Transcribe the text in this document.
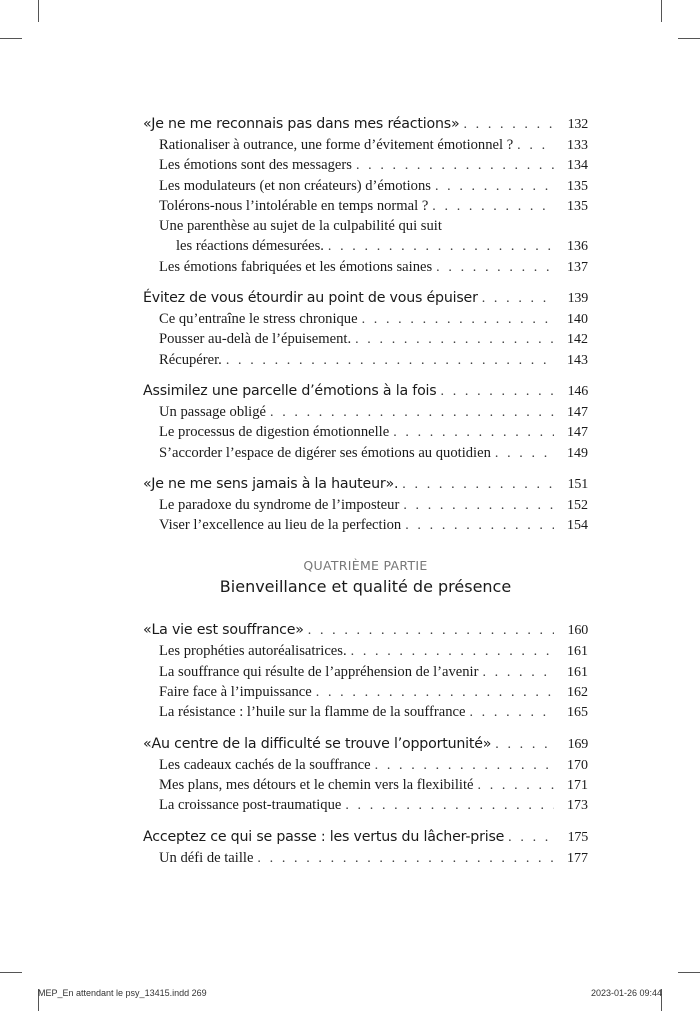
«Je ne me reconnais pas dans mes réactions» . . .	132
Rationaliser à outrance, une forme d’évitement émotionnel ? . . .	133
Les émotions sont des messagers . . .	134
Les modulateurs (et non créateurs) d’émotions . . .	135
Tolérons-nous l’intolérable en temps normal ? . . .	135
Une parenthèse au sujet de la culpabilité qui suit
les réactions démesurées. . . .	136
Les émotions fabriquées et les émotions saines . . .	137
Évitez de vous étourdir au point de vous épuiser . . .	139
Ce qu’entraîne le stress chronique . . .	140
Pousser au-delà de l’épuisement. . . .	142
Récupérer. . . .	143
Assimilez une parcelle d’émotions à la fois . . .	146
Un passage obligé . . .	147
Le processus de digestion émotionnelle . . .	147
S’accorder l’espace de digérer ses émotions au quotidien . . .	149
«Je ne me sens jamais à la hauteur». . . .	151
Le paradoxe du syndrome de l’imposteur . . .	152
Viser l’excellence au lieu de la perfection . . .	154
QUATRIÈME PARTIE
Bienveillance et qualité de présence
«La vie est souffrance» . . .	160
Les prophéties autoréalisatrices. . . .	161
La souffrance qui résulte de l’appréhension de l’avenir . . .	161
Faire face à l’impuissance . . .	162
La résistance : l’huile sur la flamme de la souffrance . . .	165
«Au centre de la difficulté se trouve l’opportunité» . . .	169
Les cadeaux cachés de la souffrance . . .	170
Mes plans, mes détours et le chemin vers la flexibilité . . .	171
La croissance post-traumatique . . .	173
Acceptez ce qui se passe : les vertus du lâcher-prise . . .	175
Un défi de taille . . .	177
MEP_En attendant le psy_13415.indd 269	2023-01-26 09:44
